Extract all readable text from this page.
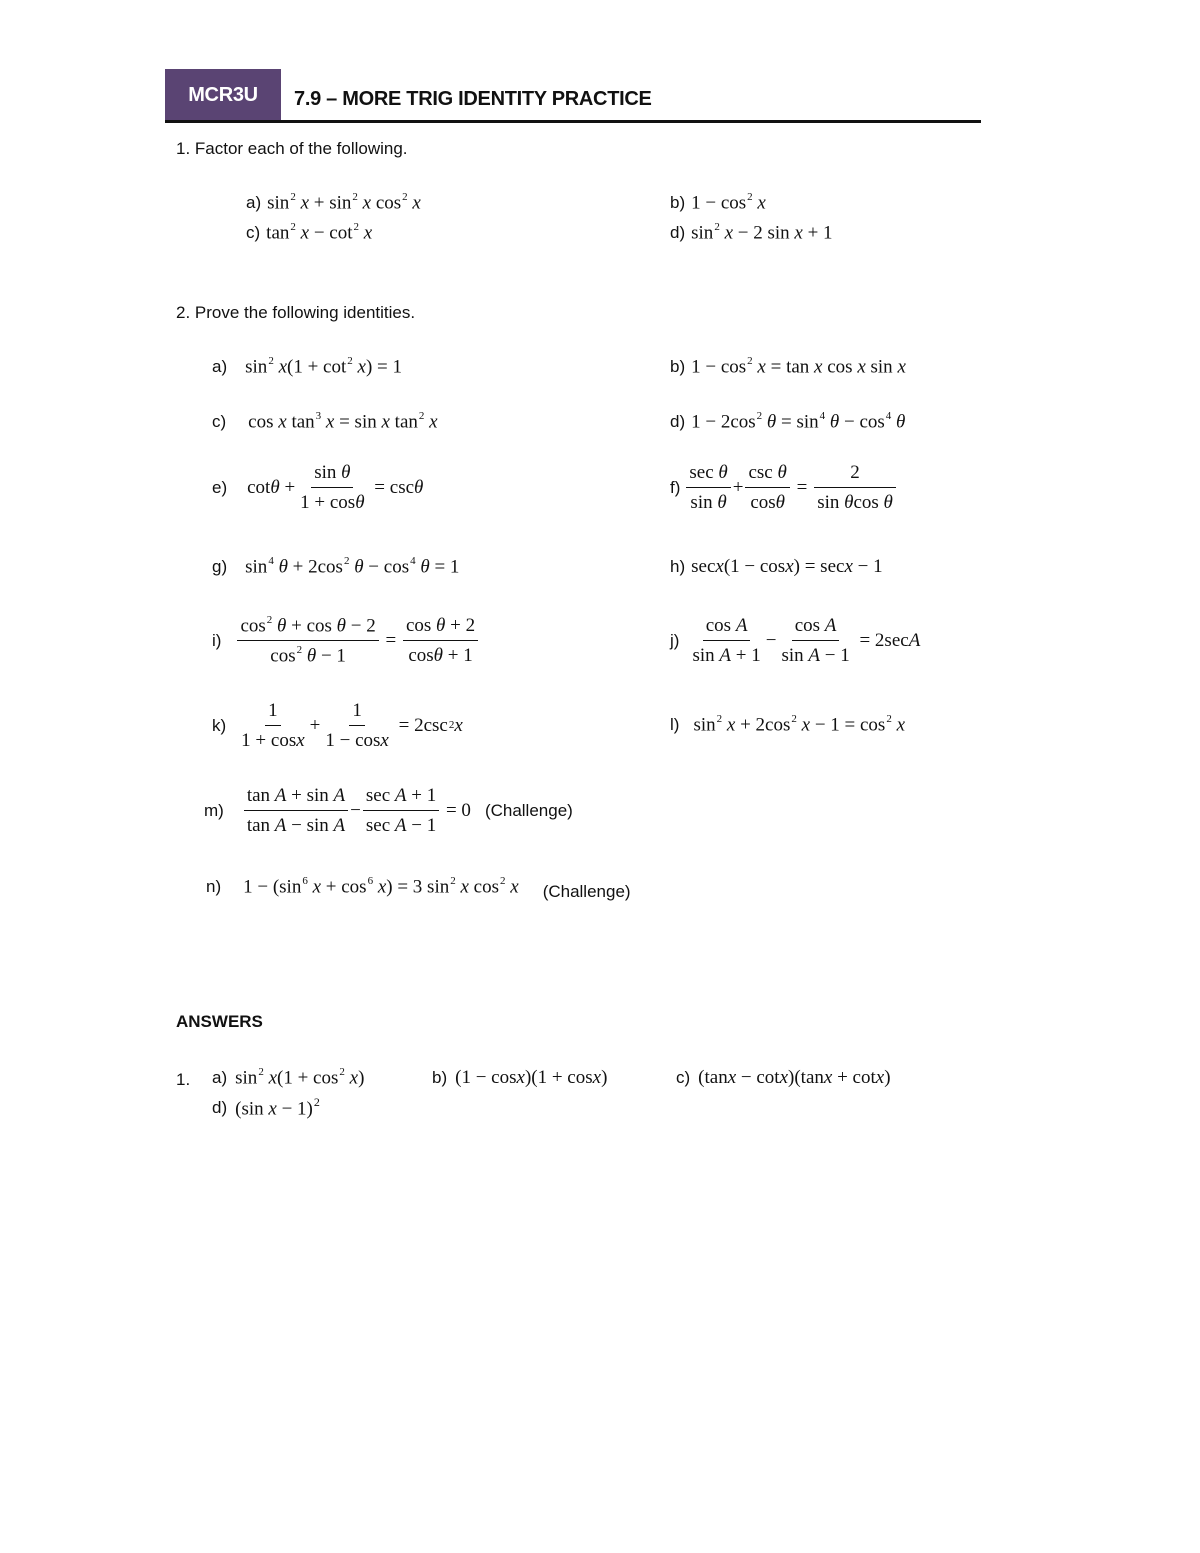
MCR3U 7.9 – MORE TRIG IDENTITY PRACTICE
1. Factor each of the following.
a) $\sin^2 x + \sin^2 x$ $\cos^2 x$	b) $1 - \cos^2 x$
c) $\tan^2 x - \cot^2 x$	d) $\sin^2 x - 2$ sin x + 1
2. Prove the following identities.
a) $\sin^2 x(1 + \cot^2 x) = 1$	b) $1 - \cos^2 x = \tan x$ cos x sin x
c) cos x $\tan^3 x = \sin x$ $\tan^2 x$	d) $1 - 2\cos^2$ $\theta = \sin^4 \theta - \cos^4 \theta$
e) $\cot \theta + \frac{\text{sin θ}}{1 + \cos\theta} = \csc \theta$	$f) \frac{\text{sec θ}}{\text{sin θ}} + \frac{\text{csc θ}}{\cos\theta} = \frac{2}{\text{sin θcos θ}}$
g) $\sin^4 \theta + 2\cos^2$ $\theta - \cos^4 \theta = 1$	h) secx(1 − cosx) = secx − 1
$i) \frac{\cos^2 \theta + \cos \theta - 2}{\cos^2 \theta - 1} = \frac{\text{cos θ + 2}}{\cos\theta + 1}$	$j) \frac{\text{cos A}}{\text{sin A + 1}} - \frac{\text{cos A}}{\text{sin A − 1}} = 2\sec$ A
$k) \frac{1}{1 + \cos x} + \frac{1}{1 - \cos x} = 2\csc^2$ x	l) $\sin^2 x + 2\cos^2$ $x - 1 = \cos^2 x$
$m) \frac{\text{tan A + sin A}}{\text{tan A − sin A}} - \frac{\text{sec A + 1}}{\text{sec A − 1}} = 0$ (Challenge)
n) $1 - (\sin^6$ $x + \cos^6 x) = 3$ $\sin^2 x$ $\cos^2 x$ (Challenge)
ANSWERS
1. a) $\sin^2 x(1 + \cos^2 x)$	b) (1 − cosx)(1 + cosx)	c) (tanx − cotx)(tanx + cotx)
d) (sin x − 1)$^2$
